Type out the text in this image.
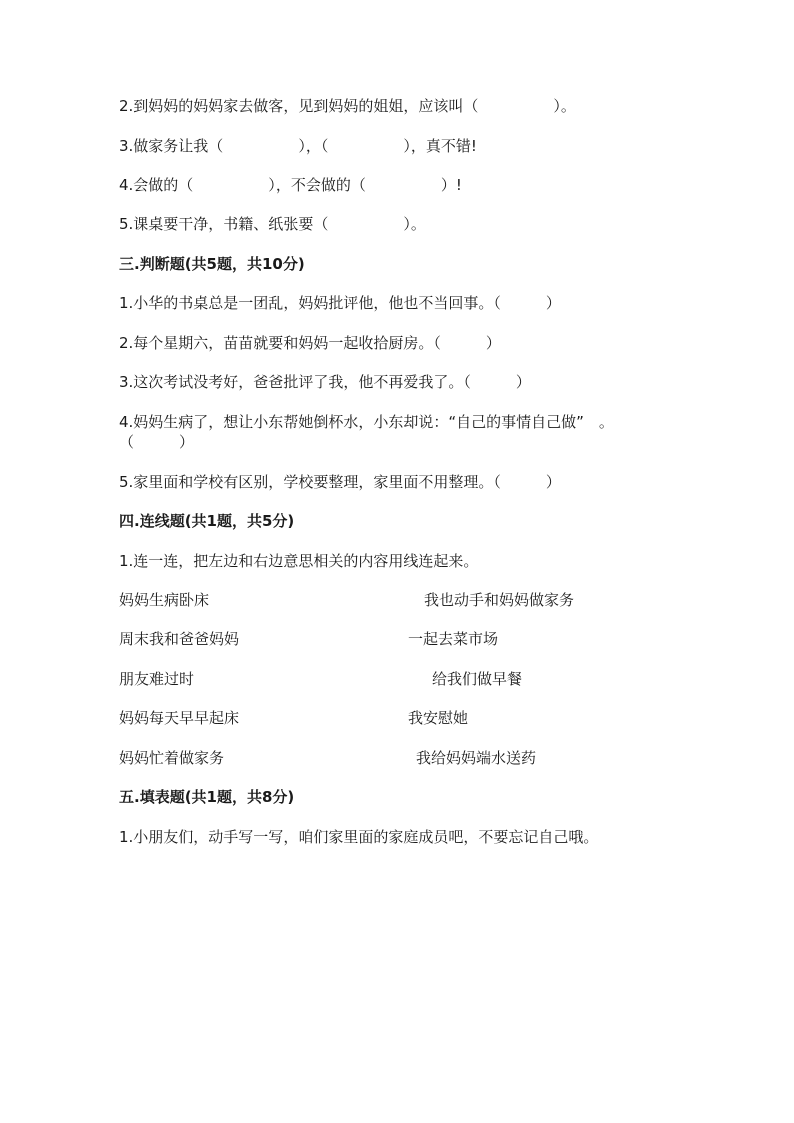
2.到妈妈的妈妈家去做客，见到妈妈的姐姐，应该叫（　　　　　）。
3.做家务让我（　　　　　），（　　　　　），真不错!
4.会做的（　　　　　），不会做的（　　　　　）!
5.课桌要干净，书籍、纸张要（　　　　　）。
三.判断题(共5题，共10分)
1.小华的书桌总是一团乱，妈妈批评他，他也不当回事。（　　　）
2.每个星期六，苗苗就要和妈妈一起收拾厨房。（　　　）
3.这次考试没考好，爸爸批评了我，他不再爱我了。（　　　）
4.妈妈生病了，想让小东帮她倒杯水，小东却说：“自己的事情自己做”　。
（　　　）
5.家里面和学校有区别，学校要整理，家里面不用整理。（　　　）
四.连线题(共1题，共5分)
1.连一连，把左边和右边意思相关的内容用线连起来。
妈妈生病卧床	我也动手和妈妈做家务
周末我和爸爸妈妈	一起去菜市场
朋友难过时	给我们做早餐
妈妈每天早早起床	我安慰她
妈妈忙着做家务	我给妈妈端水送药
五.填表题(共1题，共8分)
1.小朋友们，动手写一写，咱们家里面的家庭成员吧，不要忘记自己哦。
